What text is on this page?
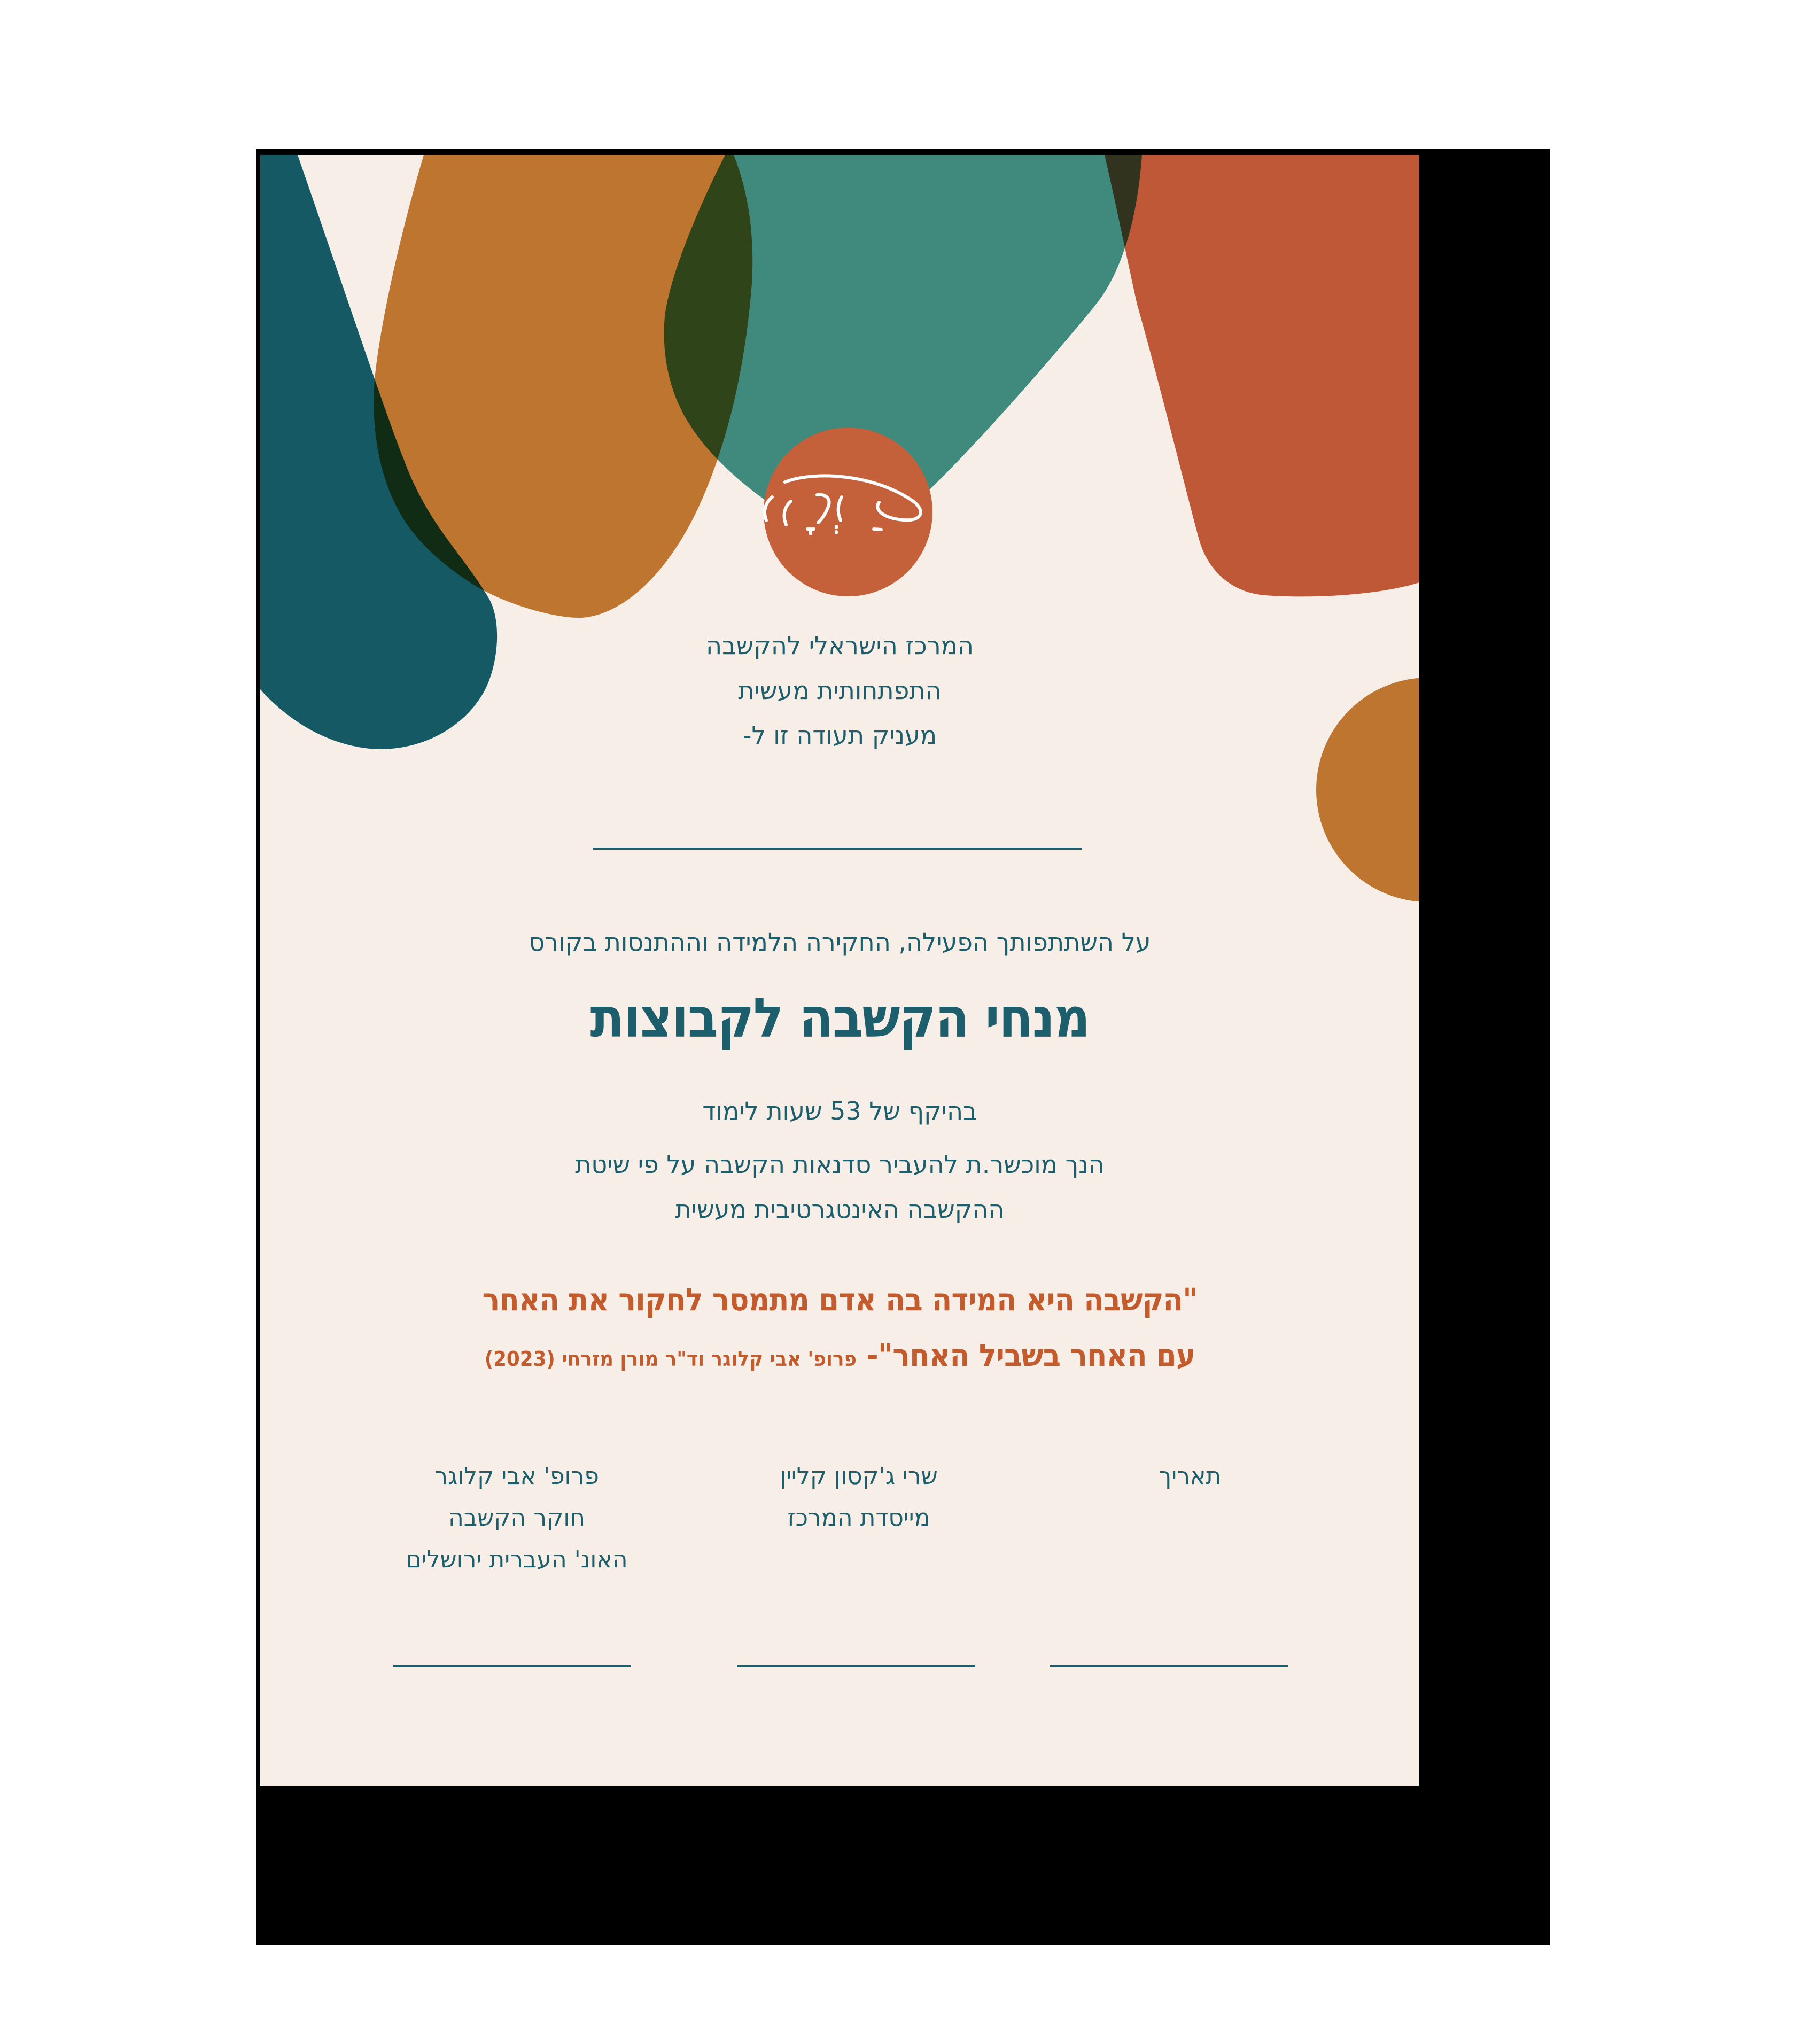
המרכז הישראלי להקשבה
התפתחותית מעשית
מעניק תעודה זו ל-
על השתתפותך הפעילה, החקירה הלמידה וההתנסות בקורס
מנחי הקשבה לקבוצות
בהיקף של 53 שעות לימוד
הנך מוכשר.ת להעביר סדנאות הקשבה על פי שיטת
ההקשבה האינטגרטיבית מעשית
"הקשבה היא המידה בה אדם מתמסר לחקור את האחר
עם האחר בשביל האחר"- פרופ' אבי קלוגר וד"ר מורן מזרחי (2023)
פרופ' אבי קלוגר
חוקר הקשבה
האונ' העברית ירושלים
שרי ג'קסון קליין
מייסדת המרכז
תאריך
